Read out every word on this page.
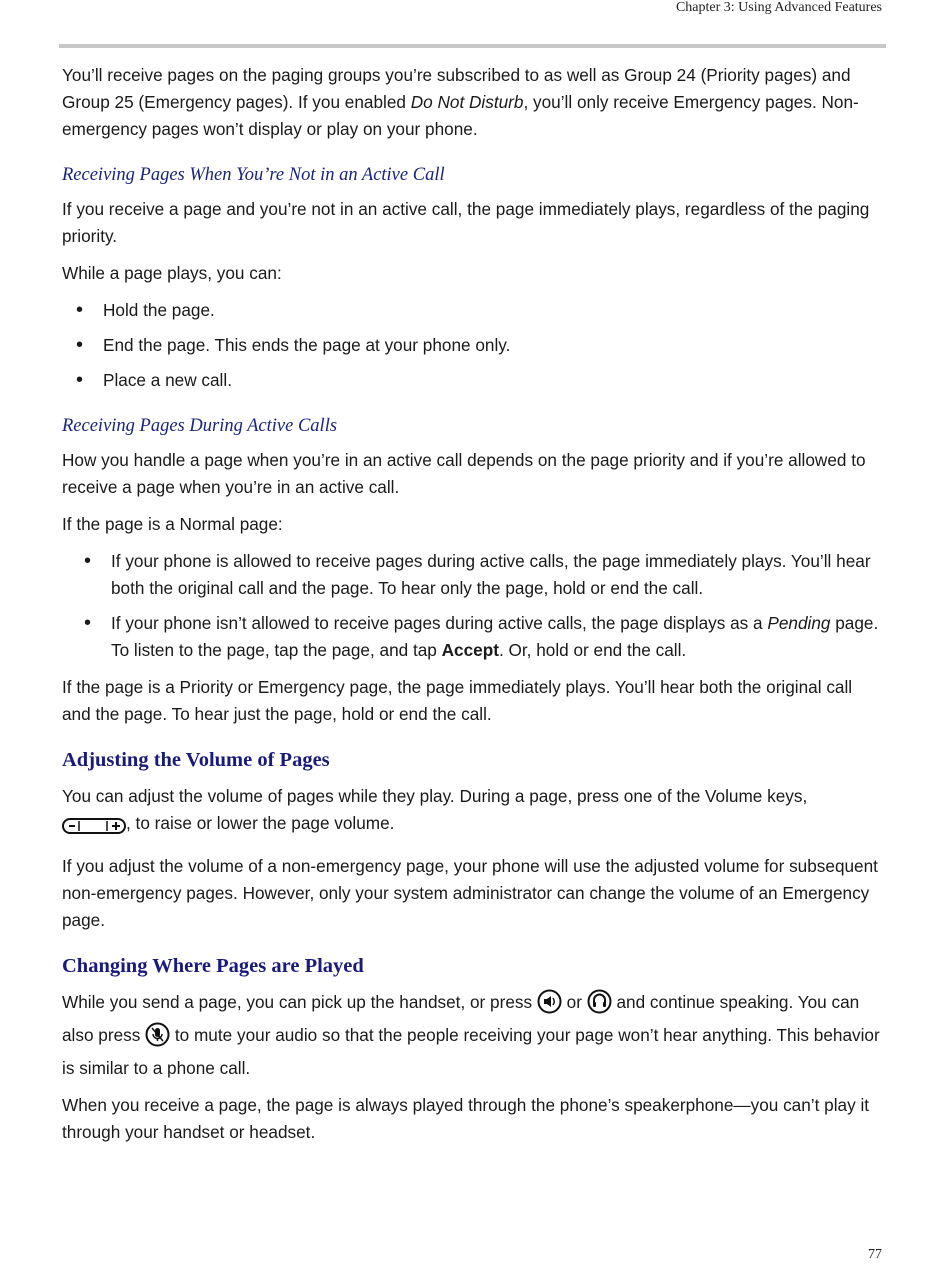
Chapter 3: Using Advanced Features

You’ll receive pages on the paging groups you’re subscribed to as well as Group 24 (Priority pages) and Group 25 (Emergency pages). If you enabled Do Not Disturb, you’ll only receive Emergency pages. Non-emergency pages won’t display or play on your phone.

Receiving Pages When You’re Not in an Active Call

If you receive a page and you’re not in an active call, the page immediately plays, regardless of the paging priority.

While a page plays, you can:

• Hold the page.
• End the page. This ends the page at your phone only.
• Place a new call.
Receiving Pages During Active Calls

How you handle a page when you’re in an active call depends on the page priority and if you’re allowed to receive a page when you’re in an active call.

If the page is a Normal page:

• If your phone is allowed to receive pages during active calls, the page immediately plays. You’ll hear both the original call and the page. To hear only the page, hold or end the call.
• If your phone isn’t allowed to receive pages during active calls, the page displays as a Pending page. To listen to the page, tap the page, and tap Accept. Or, hold or end the call.

If the page is a Priority or Emergency page, the page immediately plays. You’ll hear both the original call and the page. To hear just the page, hold or end the call.

Adjusting the Volume of Pages

You can adjust the volume of pages while they play. During a page, press one of the Volume keys,
, to raise or lower the page volume.

If you adjust the volume of a non-emergency page, your phone will use the adjusted volume for subsequent non-emergency pages. However, only your system administrator can change the volume of an Emergency page.

Changing Where Pages are Played

While you send a page, you can pick up the handset, or press  or  and continue speaking. You can also press  to mute your audio so that the people receiving your page won’t hear anything. This behavior is similar to a phone call.

When you receive a page, the page is always played through the phone’s speakerphone—you can’t play it through your handset or headset.

77
